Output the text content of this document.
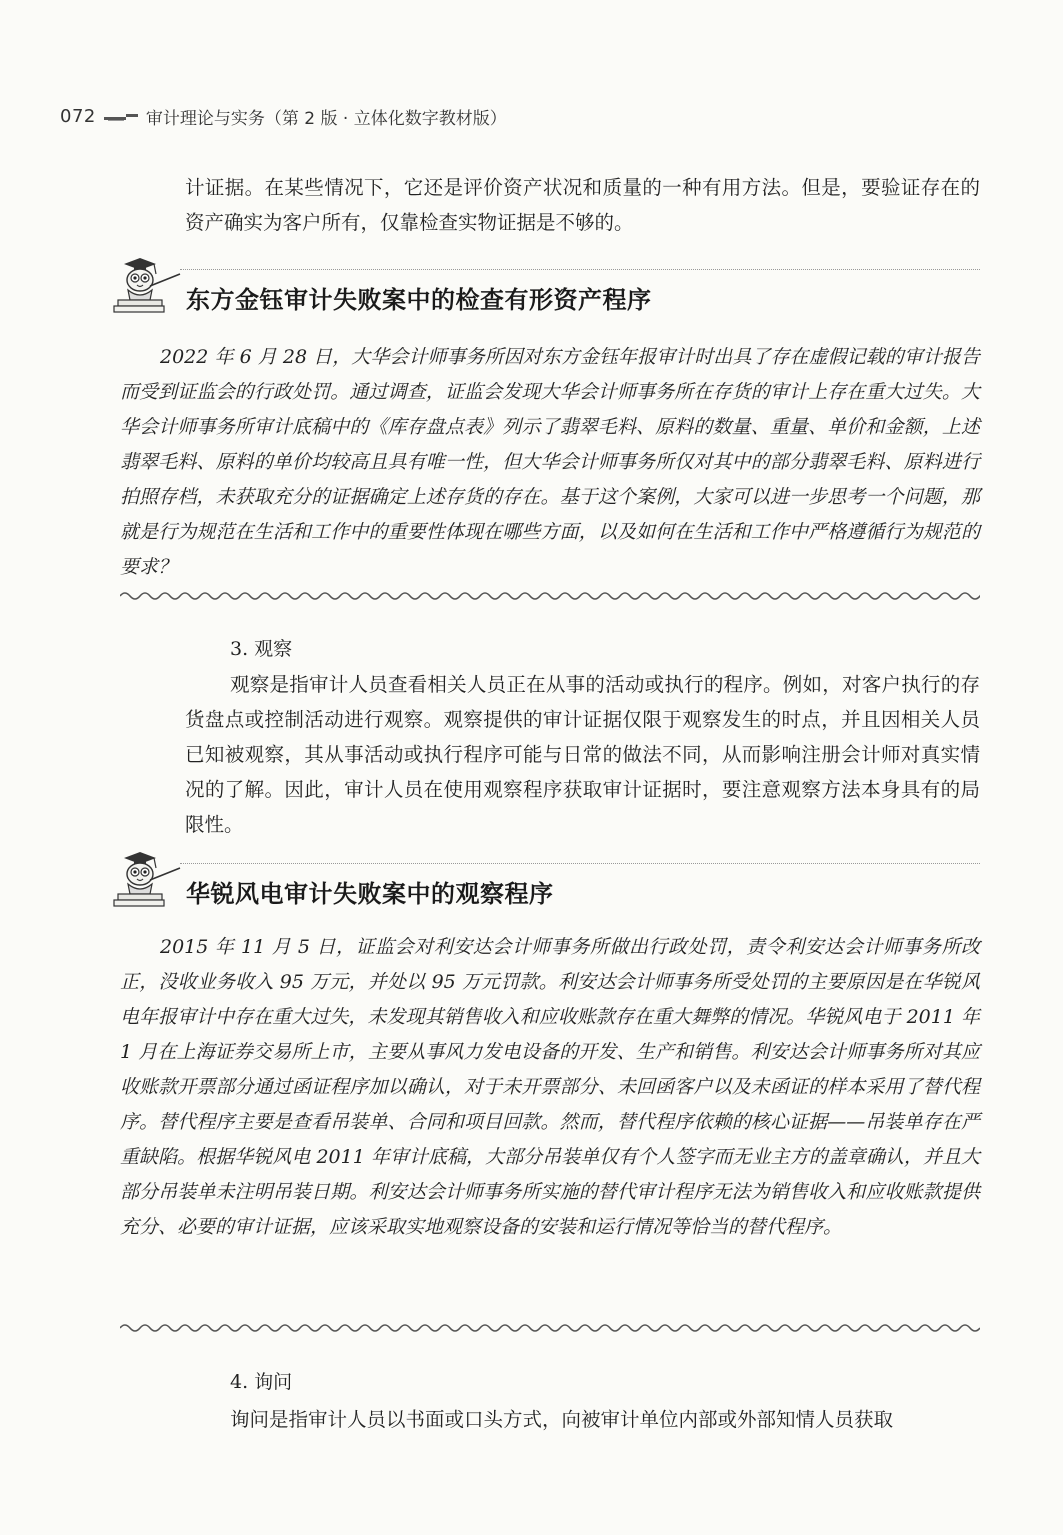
072	审计理论与实务（第 2 版 · 立体化数字教材版）

计证据。在某些情况下，它还是评价资产状况和质量的一种有用方法。但是，要验证存在的资产确实为客户所有，仅靠检查实物证据是不够的。

东方金钰审计失败案中的检查有形资产程序

2022 年 6 月 28 日，大华会计师事务所因对东方金钰年报审计时出具了存在虚假记载的审计报告而受到证监会的行政处罚。通过调查，证监会发现大华会计师事务所在存货的审计上存在重大过失。大华会计师事务所审计底稿中的《库存盘点表》列示了翡翠毛料、原料的数量、重量、单价和金额，上述翡翠毛料、原料的单价均较高且具有唯一性，但大华会计师事务所仅对其中的部分翡翠毛料、原料进行拍照存档，未获取充分的证据确定上述存货的存在。基于这个案例，大家可以进一步思考一个问题，那就是行为规范在生活和工作中的重要性体现在哪些方面，以及如何在生活和工作中严格遵循行为规范的要求？

3. 观察

观察是指审计人员查看相关人员正在从事的活动或执行的程序。例如，对客户执行的存货盘点或控制活动进行观察。观察提供的审计证据仅限于观察发生的时点，并且因相关人员已知被观察，其从事活动或执行程序可能与日常的做法不同，从而影响注册会计师对真实情况的了解。因此，审计人员在使用观察程序获取审计证据时，要注意观察方法本身具有的局限性。

华锐风电审计失败案中的观察程序

2015 年 11 月 5 日，证监会对利安达会计师事务所做出行政处罚，责令利安达会计师事务所改正，没收业务收入 95 万元，并处以 95 万元罚款。利安达会计师事务所受处罚的主要原因是在华锐风电年报审计中存在重大过失，未发现其销售收入和应收账款存在重大舞弊的情况。华锐风电于 2011 年 1 月在上海证券交易所上市，主要从事风力发电设备的开发、生产和销售。利安达会计师事务所对其应收账款开票部分通过函证程序加以确认，对于未开票部分、未回函客户以及未函证的样本采用了替代程序。替代程序主要是查看吊装单、合同和项目回款。然而，替代程序依赖的核心证据——吊装单存在严重缺陷。根据华锐风电 2011 年审计底稿，大部分吊装单仅有个人签字而无业主方的盖章确认，并且大部分吊装单未注明吊装日期。利安达会计师事务所实施的替代审计程序无法为销售收入和应收账款提供充分、必要的审计证据，应该采取实地观察设备的安装和运行情况等恰当的替代程序。

4. 询问

询问是指审计人员以书面或口头方式，向被审计单位内部或外部知情人员获取
